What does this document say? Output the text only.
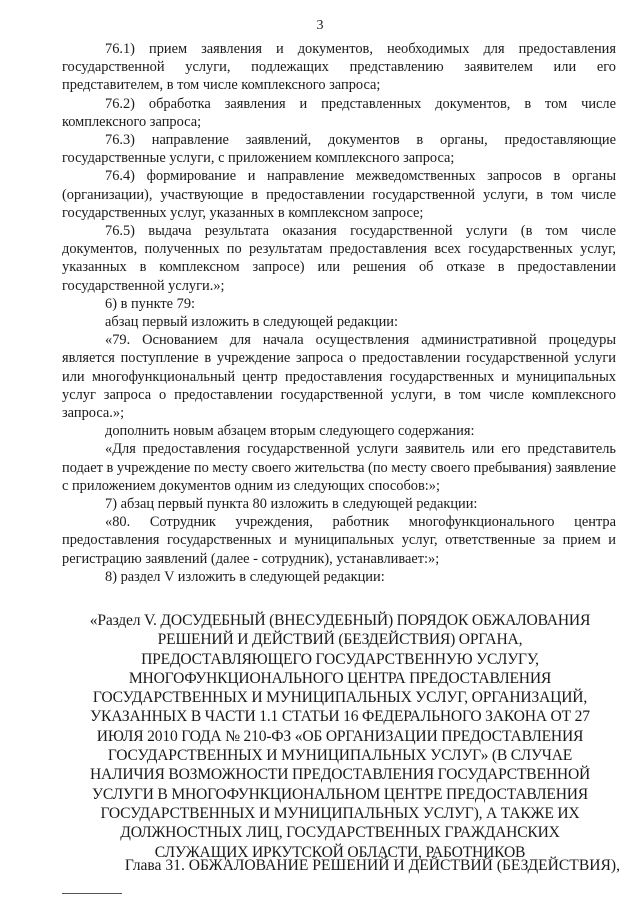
3

76.1) прием заявления и документов, необходимых для предоставления государственной услуги, подлежащих представлению заявителем или его представителем, в том числе комплексного запроса;

76.2) обработка заявления и представленных документов, в том числе комплексного запроса;

76.3) направление заявлений, документов в органы, предоставляющие государственные услуги, с приложением комплексного запроса;

76.4) формирование и направление межведомственных запросов в органы (организации), участвующие в предоставлении государственной услуги, в том числе государственных услуг, указанных в комплексном запросе;

76.5) выдача результата оказания государственной услуги (в том числе документов, полученных по результатам предоставления всех государственных услуг, указанных в комплексном запросе) или решения об отказе в предоставлении государственной услуги.»;

6) в пункте 79:

абзац первый изложить в следующей редакции:

«79. Основанием для начала осуществления административной процедуры является поступление в учреждение запроса о предоставлении государственной услуги или многофункциональный центр предоставления государственных и муниципальных услуг запроса о предоставлении государственной услуги, в том числе комплексного запроса.»;

дополнить новым абзацем вторым следующего содержания:

«Для предоставления государственной услуги заявитель или его представитель подает в учреждение по месту своего жительства (по месту своего пребывания) заявление с приложением документов одним из следующих способов:»;

7) абзац первый пункта 80 изложить в следующей редакции:

«80. Сотрудник учреждения, работник многофункционального центра предоставления государственных и муниципальных услуг, ответственные за прием и регистрацию заявлений (далее - сотрудник), устанавливает:»;

8) раздел V изложить в следующей редакции:

«Раздел V. ДОСУДЕБНЫЙ (ВНЕСУДЕБНЫЙ) ПОРЯДОК ОБЖАЛОВАНИЯ РЕШЕНИЙ И ДЕЙСТВИЙ (БЕЗДЕЙСТВИЯ) ОРГАНА, ПРЕДОСТАВЛЯЮЩЕГО ГОСУДАРСТВЕННУЮ УСЛУГУ, МНОГОФУНКЦИОНАЛЬНОГО ЦЕНТРА ПРЕДОСТАВЛЕНИЯ ГОСУДАРСТВЕННЫХ И МУНИЦИПАЛЬНЫХ УСЛУГ, ОРГАНИЗАЦИЙ, УКАЗАННЫХ В ЧАСТИ 1.1 СТАТЬИ 16 ФЕДЕРАЛЬНОГО ЗАКОНА ОТ 27 ИЮЛЯ 2010 ГОДА № 210-ФЗ «ОБ ОРГАНИЗАЦИИ ПРЕДОСТАВЛЕНИЯ ГОСУДАРСТВЕННЫХ И МУНИЦИПАЛЬНЫХ УСЛУГ» (В СЛУЧАЕ НАЛИЧИЯ ВОЗМОЖНОСТИ ПРЕДОСТАВЛЕНИЯ ГОСУДАРСТВЕННОЙ УСЛУГИ В МНОГОФУНКЦИОНАЛЬНОМ ЦЕНТРЕ ПРЕДОСТАВЛЕНИЯ ГОСУДАРСТВЕННЫХ И МУНИЦИПАЛЬНЫХ УСЛУГ), А ТАКЖЕ ИХ ДОЛЖНОСТНЫХ ЛИЦ, ГОСУДАРСТВЕННЫХ ГРАЖДАНСКИХ СЛУЖАЩИХ ИРКУТСКОЙ ОБЛАСТИ, РАБОТНИКОВ

Глава 31. ОБЖАЛОВАНИЕ РЕШЕНИЙ И ДЕЙСТВИЙ (БЕЗДЕЙСТВИЯ),
